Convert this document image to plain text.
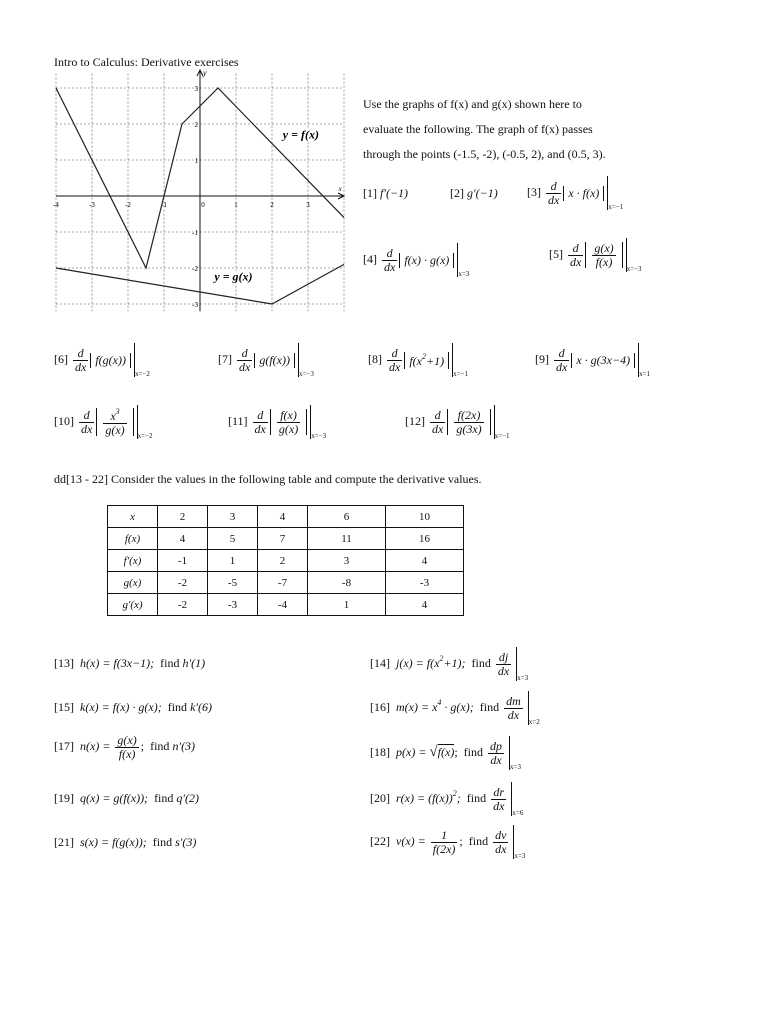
Intro to Calculus: Derivative exercises
-4	-3	-2	-1	0	1	2	3
3
2
1
-1
-2
-3
x
y
y = f(x)
y = g(x)
Use the graphs of f(x) and g(x) shown here to
evaluate the following. The graph of f(x) passes
through the points (-1.5, -2), (-0.5, 2), and (0.5, 3).
[1] f′(−1)	[2] g′(−1) $[3] \frac{d}{dx}$ $x \cdot f(x)_{x=-1}$
$[4] \frac{d}{dx} f(x) \cdot g(x)_{x=3}$
$[5] \frac{d}{dx} \frac{g(x)}{f(x)}$
$_{x=-3}$
$[6] \frac{d}{dx} f(g(x))_{x=-2}$
$[7] \frac{d}{dx} g(f(x))_{x=-3}$
$[8] \frac{d}{dx} f(x^2+1)_{x=-1}$
$[9] \frac{d}{dx}$ $x \cdot g(3x-4)_{x=1}$
$[10] \frac{d}{dx} \frac{x^3}{g(x)} _{x=-2}$
$[11] \frac{d}{dx} \frac{f(x)}{g(x)}$
$_{x=-3}$
$[12] \frac{d}{dx} \frac{f(2x)}{g(3x)}$
$_{x=-1}$
dd[13 - 22] Consider the values in the following table and compute the derivative values.
x	2	3	4	6	10
f(x)	4	5	7	11	16
f′(x)	-1	1	2	3	4
g(x)	-2	-5	-7	-8	-3
g′(x)	-2	-3	-4	1	4
[13] h(x) = f(3x−1); find h′(1)	[14] $j(x) = f(x^2+1)$; find $\frac{dj}{dx}$
$_{x=3}$
[15] k(x) = f(x) · g(x); find k′(6)	[16] $m(x) = x^4 \cdot g(x)$; find $\frac{dm}{dx}$
$_{x=2}$
[17] $n(x) = \frac{g(x)}{f(x)}$ ; find n′(3)	[18] p(x) = √f(x); find $\frac{dp}{dx}$
$_{x=3}$
[19] q(x) = g(f(x)); find q′(2)	[20] $r(x) = (f(x))^2$; find $\frac{dr}{dx}$
$_{x=6}$
[21] s(x) = f(g(x)); find s′(3)	[22] $v(x) = \frac{1}{f(2x)}$ ; find $\frac{dv}{dx}$
$_{x=3}$
